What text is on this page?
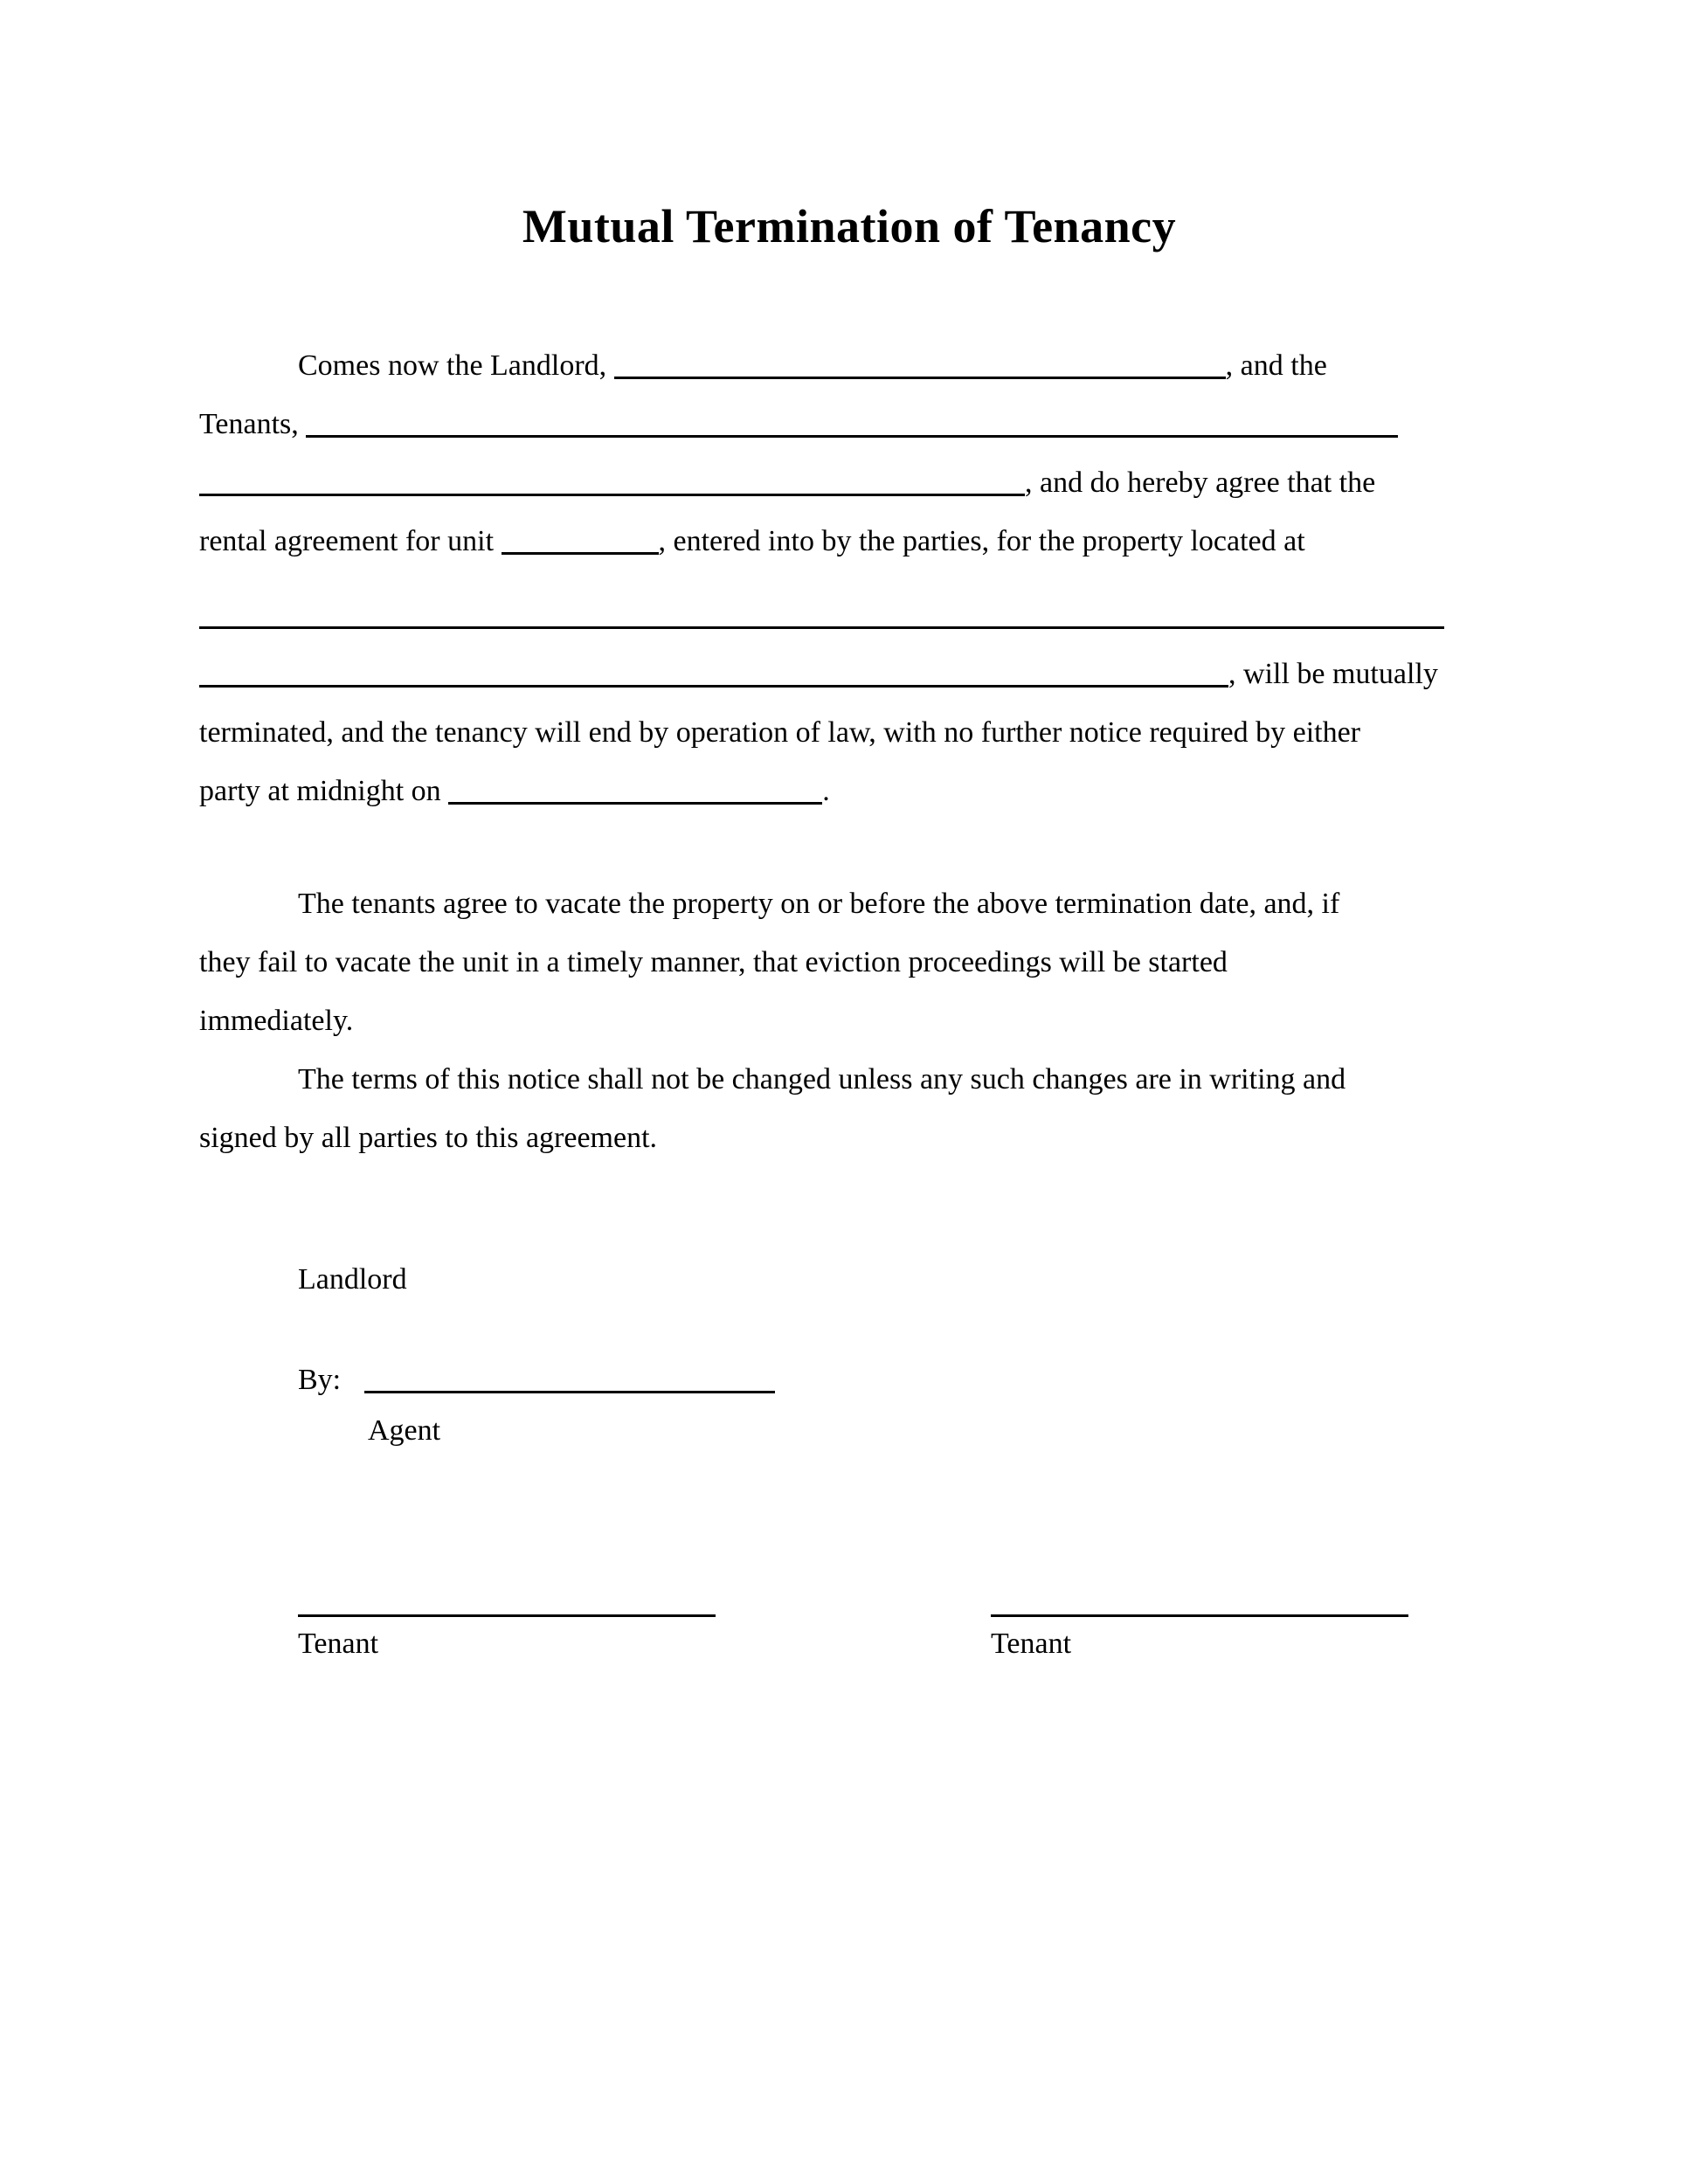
Mutual Termination of Tenancy
Comes now the Landlord,	, and the
Tenants,
, and do hereby agree that the
rental agreement for unit	, entered into by the parties, for the property located at
, will be mutually
terminated, and the tenancy will end by operation of law, with no further notice required by either
party at midnight on	.
The tenants agree to vacate the property on or before the above termination date, and, if
they fail to vacate the unit in a timely manner, that eviction proceedings will be started
immediately.
The terms of this notice shall not be changed unless any such changes are in writing and
signed by all parties to this agreement.
Landlord
By:
Agent
Tenant	Tenant
